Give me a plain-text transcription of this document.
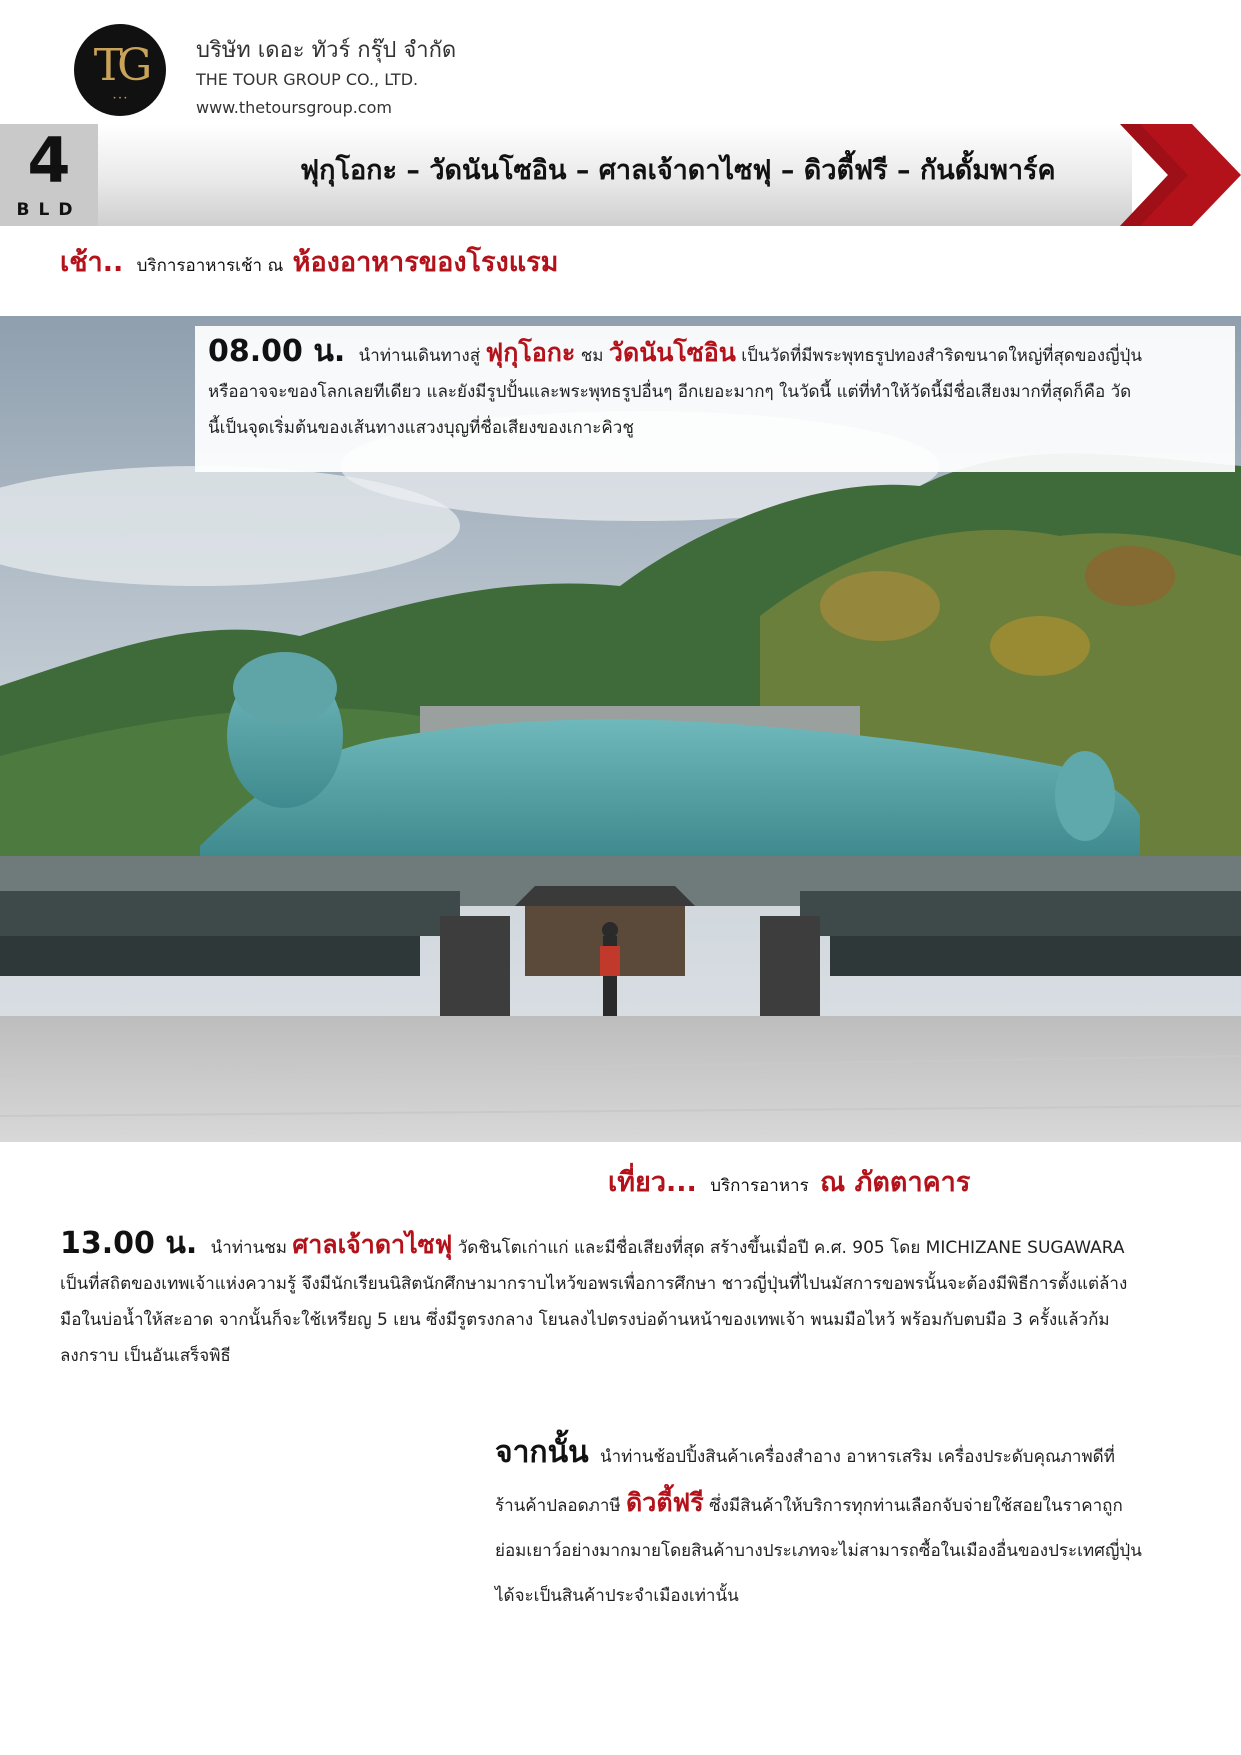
TG
• • •
บริษัท เดอะ ทัวร์ กรุ๊ป จำกัด
THE TOUR GROUP CO., LTD.
www.thetoursgroup.com
4
BLD
ฟุกุโอกะ – วัดนันโซอิน – ศาลเจ้าดาไซฟุ – ดิวตี้ฟรี – กันดั้มพาร์ค
เช้า.. บริการอาหารเช้า ณ ห้องอาหารของโรงแรม
08.00 น. นำท่านเดินทางสู่ ฟุกุโอกะ ชม วัดนันโซอิน เป็นวัดที่มีพระพุทธรูปทองสำริดขนาดใหญ่ที่สุดของญี่ปุ่น
หรืออาจจะของโลกเลยทีเดียว และยังมีรูปปั้นและพระพุทธรูปอื่นๆ อีกเยอะมากๆ ในวัดนี้ แต่ที่ทำให้วัดนี้มีชื่อเสียงมากที่สุดก็คือ วัด
นี้เป็นจุดเริ่มต้นของเส้นทางแสวงบุญที่ชื่อเสียงของเกาะคิวชู
เที่ยว... บริการอาหาร ณ ภัตตาคาร
13.00 น. นำท่านชม ศาลเจ้าดาไซฟุ วัดชินโตเก่าแก่ และมีชื่อเสียงที่สุด สร้างขึ้นเมื่อปี ค.ศ. 905 โดย MICHIZANE SUGAWARA
เป็นที่สถิตของเทพเจ้าแห่งความรู้ จึงมีนักเรียนนิสิตนักศึกษามากราบไหว้ขอพรเพื่อการศึกษา ชาวญี่ปุ่นที่ไปนมัสการขอพรนั้นจะต้องมีพิธีการตั้งแต่ล้าง
มือในบ่อน้ำให้สะอาด จากนั้นก็จะใช้เหรียญ 5 เยน ซึ่งมีรูตรงกลาง โยนลงไปตรงบ่อด้านหน้าของเทพเจ้า พนมมือไหว้ พร้อมกับตบมือ 3 ครั้งแล้วก้ม
ลงกราบ เป็นอันเสร็จพิธี
จากนั้น นำท่านช้อปปิ้งสินค้าเครื่องสำอาง อาหารเสริม เครื่องประดับคุณภาพดีที่
ร้านค้าปลอดภาษี ดิวตี้ฟรี ซึ่งมีสินค้าให้บริการทุกท่านเลือกจับจ่ายใช้สอยในราคาถูก
ย่อมเยาว์อย่างมากมายโดยสินค้าบางประเภทจะไม่สามารถซื้อในเมืองอื่นของประเทศญี่ปุ่น
ได้จะเป็นสินค้าประจำเมืองเท่านั้น
